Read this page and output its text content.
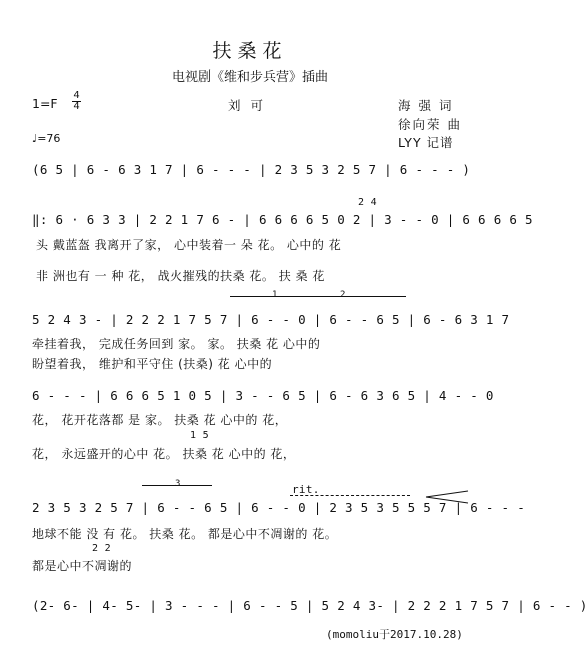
扶桑花
电视剧《维和步兵营》插曲
1=F
4
4	刘 可	海 强 词
徐向荣 曲
♩=76	LYY 记谱
(6 5 | 6 - 6 3 1 7 | 6 - - - | 2 3 5 3 2 5 7 | 6 - - - )
2 4
‖: 6 · 6 3 3 | 2 2 1 7 6 - | 6 6 6 6 5 0 2 | 3 - - 0 | 6 6 6 6 5
头 戴蓝盔 我离开了家， 心中装着一 朵 花。 心中的 花
非 洲也有 一 种 花， 战火摧残的扶桑 花。 扶 桑 花
1	2
5 2 4 3 - | 2 2 2 1 7 5 7 | 6 - - 0 | 6 - - 6 5 | 6 - 6 3 1 7
牵挂着我， 完成任务回到 家。 家。 扶桑 花 心中的
盼望着我， 维护和平守住 (扶桑) 花 心中的
6 - - - | 6 6 6 5 1 0 5 | 3 - - 6 5 | 6 - 6 3 6 5 | 4 - - 0
花， 花开花落都 是 家。 扶桑 花 心中的 花，
1 5
花， 永远盛开的心中 花。 扶桑 花 心中的 花，
3	rit.
2 3 5 3 2 5 7 | 6 - - 6 5 | 6 - - 0 | 2 3 5 3 5 5 5 7 | 6 - - -
地球不能 没 有 花。 扶桑 花。 都是心中不凋谢的 花。
2 2
都是心中不凋谢的
(2- 6- | 4- 5- | 3 - - - | 6 - - 5 | 5 2 4 3- | 2 2 2 1 7 5 7 | 6 - - )
(momoliu于2017.10.28)
